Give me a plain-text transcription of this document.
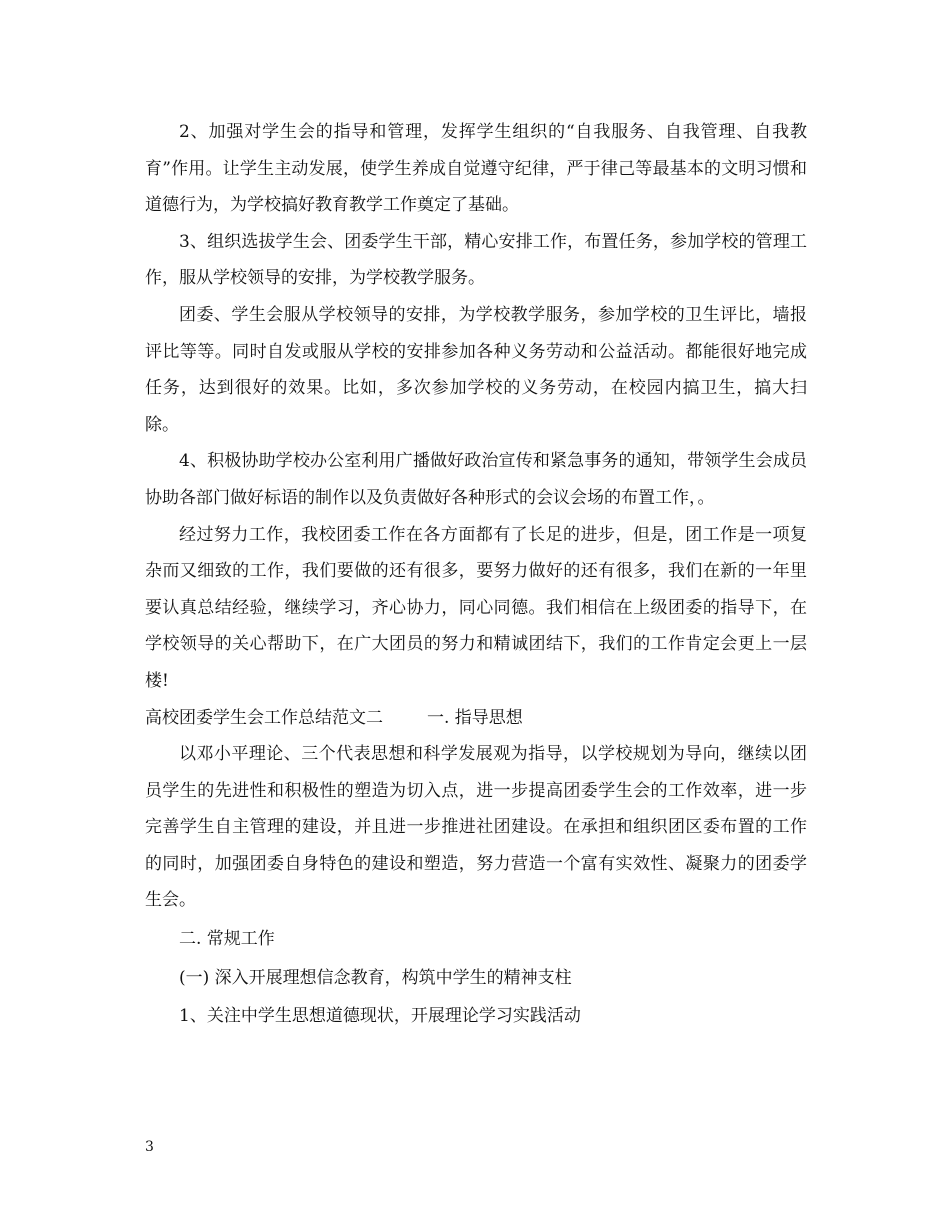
2、加强对学生会的指导和管理，发挥学生组织的“自我服务、自我管理、自我教育”作用。让学生主动发展，使学生养成自觉遵守纪律，严于律己等最基本的文明习惯和道德行为，为学校搞好教育教学工作奠定了基础。

3、组织选拔学生会、团委学生干部，精心安排工作，布置任务，参加学校的管理工作，服从学校领导的安排，为学校教学服务。

团委、学生会服从学校领导的安排，为学校教学服务，参加学校的卫生评比，墙报评比等等。同时自发或服从学校的安排参加各种义务劳动和公益活动。都能很好地完成任务，达到很好的效果。比如，多次参加学校的义务劳动，在校园内搞卫生，搞大扫除。

4、积极协助学校办公室利用广播做好政治宣传和紧急事务的通知，带领学生会成员协助各部门做好标语的制作以及负责做好各种形式的会议会场的布置工作，。

经过努力工作，我校团委工作在各方面都有了长足的进步，但是，团工作是一项复杂而又细致的工作，我们要做的还有很多，要努力做好的还有很多，我们在新的一年里要认真总结经验，继续学习，齐心协力，同心同德。我们相信在上级团委的指导下，在学校领导的关心帮助下，在广大团员的努力和精诚团结下，我们的工作肯定会更上一层楼!

高校团委学生会工作总结范文二	一. 指导思想

以邓小平理论、三个代表思想和科学发展观为指导，以学校规划为导向，继续以团员学生的先进性和积极性的塑造为切入点，进一步提高团委学生会的工作效率，进一步完善学生自主管理的建设，并且进一步推进社团建设。在承担和组织团区委布置的工作的同时，加强团委自身特色的建设和塑造，努力营造一个富有实效性、凝聚力的团委学生会。

二. 常规工作

(一) 深入开展理想信念教育，构筑中学生的精神支柱

1、关注中学生思想道德现状，开展理论学习实践活动

3
